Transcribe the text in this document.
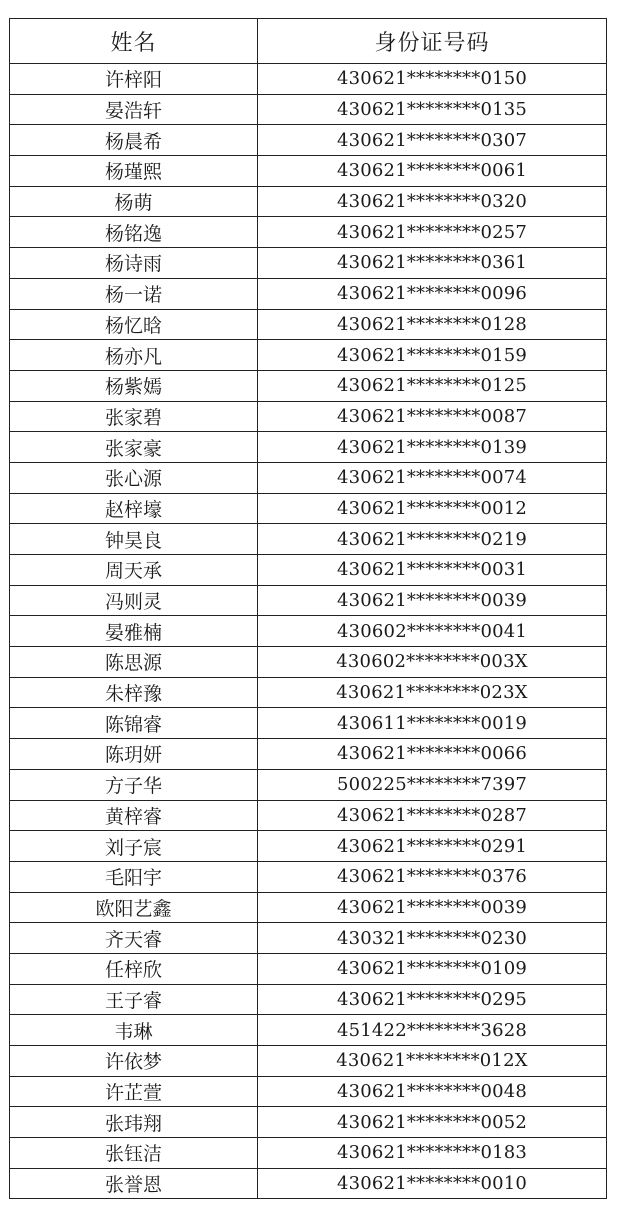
姓名	身份证号码
许梓阳	430621********0150
晏浩轩	430621********0135
杨晨希	430621********0307
杨瑾熙	430621********0061
杨萌	430621********0320
杨铭逸	430621********0257
杨诗雨	430621********0361
杨一诺	430621********0096
杨忆晗	430621********0128
杨亦凡	430621********0159
杨紫嫣	430621********0125
张家碧	430621********0087
张家豪	430621********0139
张心源	430621********0074
赵梓壕	430621********0012
钟昊良	430621********0219
周天承	430621********0031
冯则灵	430621********0039
晏雅楠	430602********0041
陈思源	430602********003X
朱梓豫	430621********023X
陈锦睿	430611********0019
陈玥妍	430621********0066
方子华	500225********7397
黄梓睿	430621********0287
刘子宸	430621********0291
毛阳宇	430621********0376
欧阳艺鑫	430621********0039
齐天睿	430321********0230
任梓欣	430621********0109
王子睿	430621********0295
韦琳	451422********3628
许依梦	430621********012X
许芷萱	430621********0048
张玮翔	430621********0052
张钰洁	430621********0183
张誉恩	430621********0010
